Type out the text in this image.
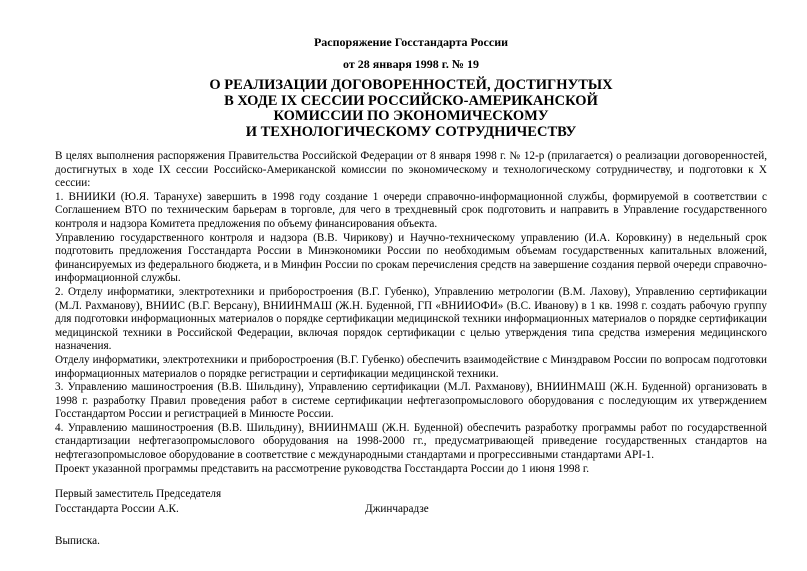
Распоряжение Госстандарта России

от 28 января 1998 г. № 19

О РЕАЛИЗАЦИИ ДОГОВОРЕННОСТЕЙ, ДОСТИГНУТЫХ
В ХОДЕ IX СЕССИИ РОССИЙСКО-АМЕРИКАНСКОЙ
КОМИССИИ ПО ЭКОНОМИЧЕСКОМУ
И ТЕХНОЛОГИЧЕСКОМУ СОТРУДНИЧЕСТВУ

В целях выполнения распоряжения Правительства Российской Федерации от 8 января 1998 г. № 12-р (прилагается) о реализации договоренностей, достигнутых в ходе IX сессии Российско-Американской комиссии по экономическому и технологическому сотрудничеству, и подготовки к X сессии:

1. ВНИИКИ (Ю.Я. Таранухе) завершить в 1998 году создание 1 очереди справочно-информационной службы, формируемой в соответствии с Соглашением ВТО по техническим барьерам в торговле, для чего в трехдневный срок подготовить и направить в Управление государственного контроля и надзора Комитета предложения по объему финансирования объекта.

Управлению государственного контроля и надзора (В.В. Чирикову) и Научно-техническому управлению (И.А. Коровкину) в недельный срок подготовить предложения Госстандарта России в Минэкономики России по необходимым объемам государственных капитальных вложений, финансируемых из федерального бюджета, и в Минфин России по срокам перечисления средств на завершение создания первой очереди справочно-информационной службы.

2. Отделу информатики, электротехники и приборостроения (В.Г. Губенко), Управлению метрологии (В.М. Лахову), Управлению сертификации (М.Л. Рахманову), ВНИИС (В.Г. Версану), ВНИИНМАШ (Ж.Н. Буденной, ГП «ВНИИОФИ» (В.С. Иванову) в 1 кв. 1998 г. создать рабочую группу для подготовки информационных материалов о порядке сертификации медицинской техники информационных материалов о порядке сертификации медицинской техники в Российской Федерации, включая порядок сертификации с целью утверждения типа средства измерения медицинского назначения.

Отделу информатики, электротехники и приборостроения (В.Г. Губенко) обеспечить взаимодействие с Минздравом России по вопросам подготовки информационных материалов о порядке регистрации и сертификации медицинской техники.

3. Управлению машиностроения (В.В. Шильдину), Управлению сертификации (М.Л. Рахманову), ВНИИНМАШ (Ж.Н. Буденной) организовать в 1998 г. разработку Правил проведения работ в системе сертификации нефтегазопромыслового оборудования с последующим их утверждением Госстандартом России и регистрацией в Минюсте России.

4. Управлению машиностроения (В.В. Шильдину), ВНИИНМАШ (Ж.Н. Буденной) обеспечить разработку программы работ по государственной стандартизации нефтегазопромыслового оборудования на 1998-2000 гг., предусматривающей приведение государственных стандартов на нефтегазопромысловое оборудование в соответствие с международными стандартами и прогрессивными стандартами API-1.

Проект указанной программы представить на рассмотрение руководства Госстандарта России до 1 июня 1998 г.

Первый заместитель Председателя
Госстандарта России А.К.	Джинчарадзе
Выписка.
